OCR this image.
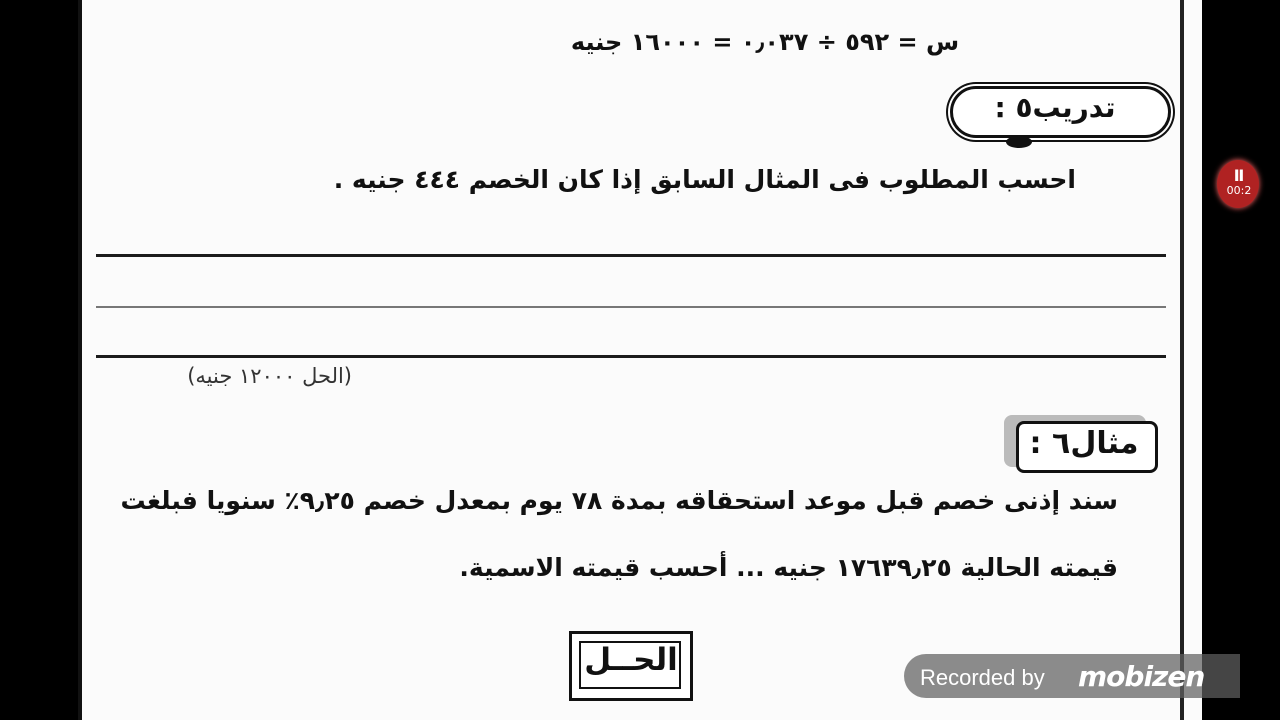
س = ٥٩٢ ÷ ٠٫٠٣٧ = ١٦٠٠٠ جنيه
تدريب٥ :
احسب المطلوب فى المثال السابق إذا كان الخصم ٤٤٤ جنيه .
(الحل ١٢٠٠٠ جنيه)
مثال٦ :
سند إذنى خصم قبل موعد استحقاقه بمدة ٧٨ يوم بمعدل خصم ٩٫٢٥٪ سنويا فبلغت
قيمته الحالية ١٧٦٣٩٫٢٥ جنيه ... أحسب قيمته الاسمية.
الحــل
Ⅱ
00:2
Recorded by mobizen
